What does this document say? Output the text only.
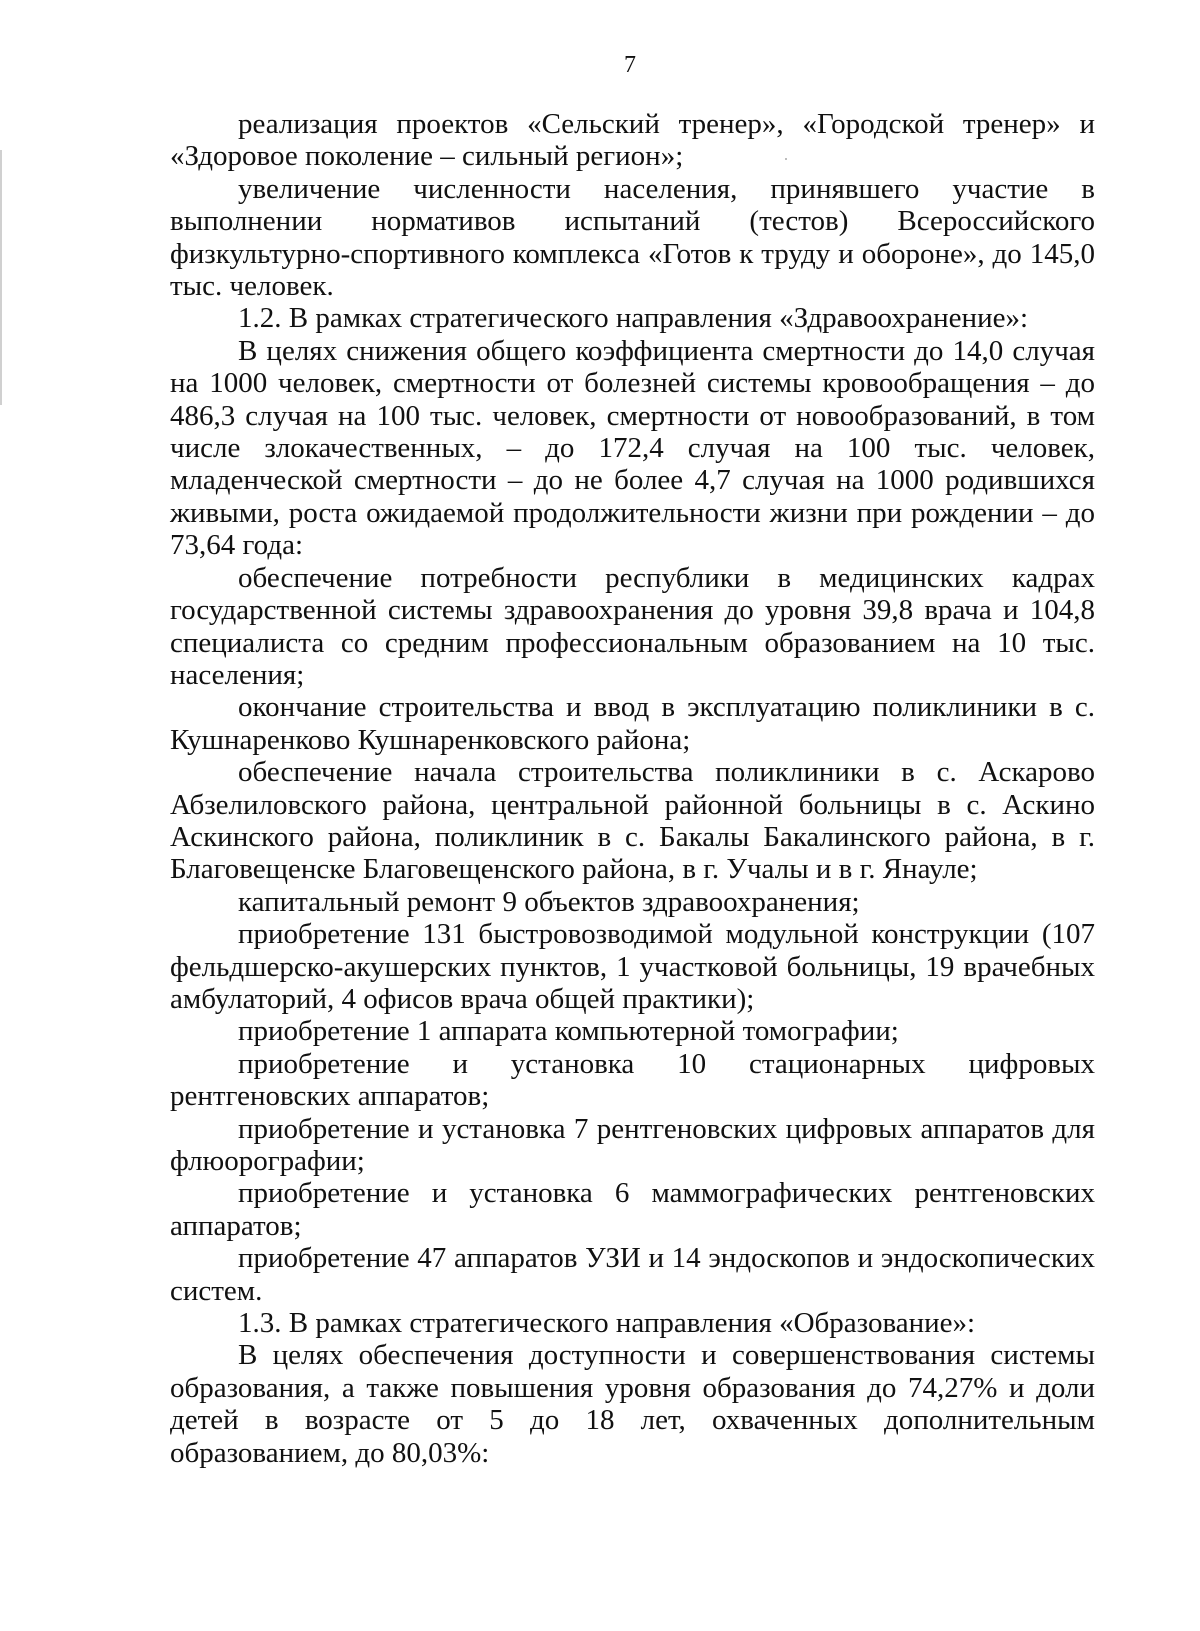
7

реализация проектов «Сельский тренер», «Городской тренер» и «Здоровое поколение – сильный регион»;

увеличение численности населения, принявшего участие в выполнении нормативов испытаний (тестов) Всероссийского физкультурно-спортивного комплекса «Готов к труду и обороне», до 145,0 тыс. человек.

1.2. В рамках стратегического направления «Здравоохранение»:

В целях снижения общего коэффициента смертности до 14,0 случая на 1000 человек, смертности от болезней системы кровообращения – до 486,3 случая на 100 тыс. человек, смертности от новообразований, в том числе злокачественных, – до 172,4 случая на 100 тыс. человек, младенческой смертности – до не более 4,7 случая на 1000 родившихся живыми, роста ожидаемой продолжительности жизни при рождении – до 73,64 года:

обеспечение потребности республики в медицинских кадрах государственной системы здравоохранения до уровня 39,8 врача и 104,8 специалиста со средним профессиональным образованием на 10 тыс. населения;

окончание строительства и ввод в эксплуатацию поликлиники в с. Кушнаренково Кушнаренковского района;

обеспечение начала строительства поликлиники в с. Аскарово Абзелиловского района, центральной районной больницы в с. Аскино Аскинского района, поликлиник в с. Бакалы Бакалинского района, в г. Благовещенске Благовещенского района, в г. Учалы и в г. Янауле;

капитальный ремонт 9 объектов здравоохранения;

приобретение 131 быстровозводимой модульной конструкции (107 фельдшерско-акушерских пунктов, 1 участковой больницы, 19 врачебных амбулаторий, 4 офисов врача общей практики);

приобретение 1 аппарата компьютерной томографии;

приобретение и установка 10 стационарных цифровых рентгеновских аппаратов;

приобретение и установка 7 рентгеновских цифровых аппаратов для флюорографии;

приобретение и установка 6 маммографических рентгеновских аппаратов;

приобретение 47 аппаратов УЗИ и 14 эндоскопов и эндоскопических систем.

1.3. В рамках стратегического направления «Образование»:

В целях обеспечения доступности и совершенствования системы образования, а также повышения уровня образования до 74,27% и доли детей в возрасте от 5 до 18 лет, охваченных дополнительным образованием, до 80,03%:
